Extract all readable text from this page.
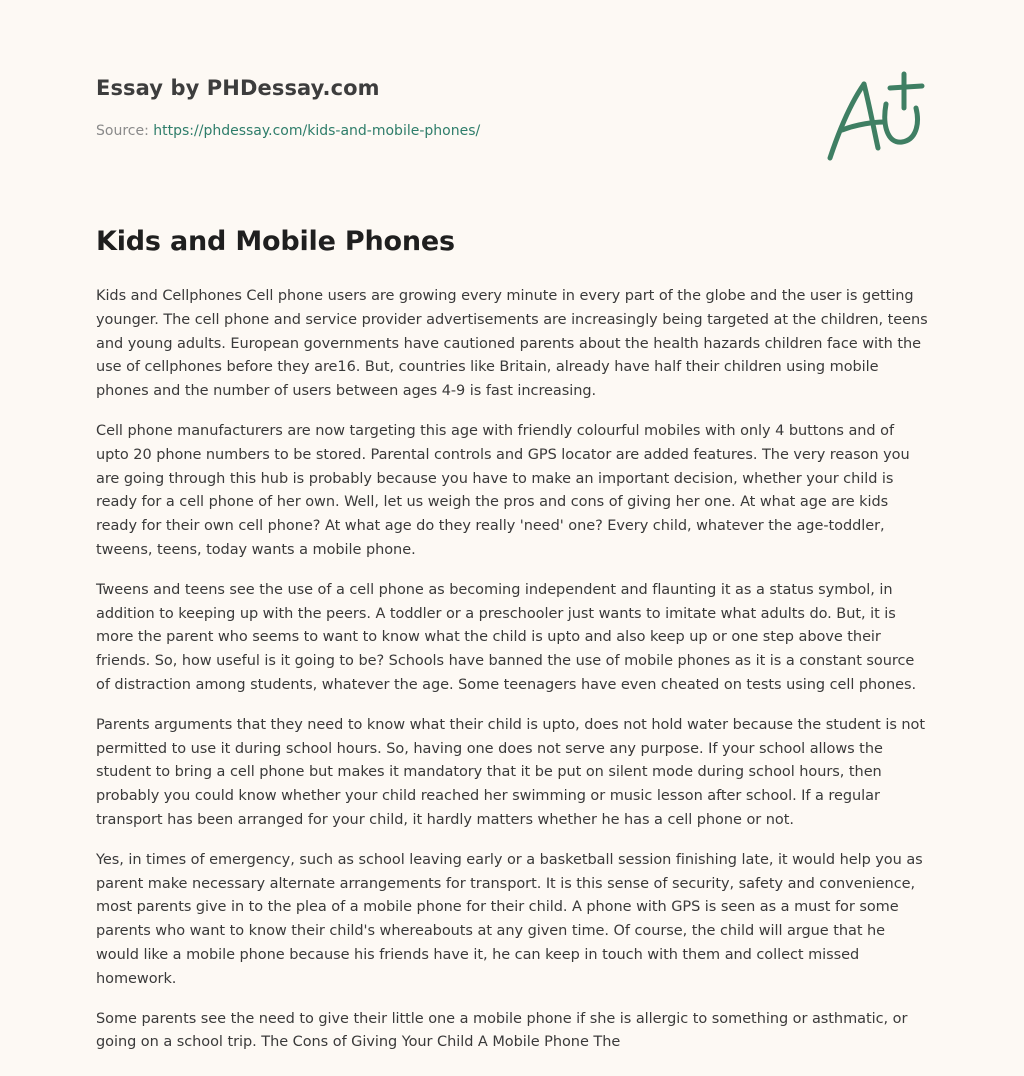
Essay by PHDessay.com

Source: https://phdessay.com/kids-and-mobile-phones/

Kids and Mobile Phones

Kids and Cellphones Cell phone users are growing every minute in every part of the globe and the user is getting younger. The cell phone and service provider advertisements are increasingly being targeted at the children, teens and young adults. European governments have cautioned parents about the health hazards children face with the use of cellphones before they are16. But, countries like Britain, already have half their children using mobile phones and the number of users between ages 4-9 is fast increasing.

Cell phone manufacturers are now targeting this age with friendly colourful mobiles with only 4 buttons and of upto 20 phone numbers to be stored. Parental controls and GPS locator are added features. The very reason you are going through this hub is probably because you have to make an important decision, whether your child is ready for a cell phone of her own. Well, let us weigh the pros and cons of giving her one. At what age are kids ready for their own cell phone? At what age do they really 'need' one? Every child, whatever the age-toddler, tweens, teens, today wants a mobile phone.

Tweens and teens see the use of a cell phone as becoming independent and flaunting it as a status symbol, in addition to keeping up with the peers. A toddler or a preschooler just wants to imitate what adults do. But, it is more the parent who seems to want to know what the child is upto and also keep up or one step above their friends. So, how useful is it going to be? Schools have banned the use of mobile phones as it is a constant source of distraction among students, whatever the age. Some teenagers have even cheated on tests using cell phones.

Parents arguments that they need to know what their child is upto, does not hold water because the student is not permitted to use it during school hours. So, having one does not serve any purpose. If your school allows the student to bring a cell phone but makes it mandatory that it be put on silent mode during school hours, then probably you could know whether your child reached her swimming or music lesson after school. If a regular transport has been arranged for your child, it hardly matters whether he has a cell phone or not.

Yes, in times of emergency, such as school leaving early or a basketball session finishing late, it would help you as parent make necessary alternate arrangements for transport. It is this sense of security, safety and convenience, most parents give in to the plea of a mobile phone for their child. A phone with GPS is seen as a must for some parents who want to know their child's whereabouts at any given time. Of course, the child will argue that he would like a mobile phone because his friends have it, he can keep in touch with them and collect missed homework.

Some parents see the need to give their little one a mobile phone if she is allergic to something or asthmatic, or going on a school trip. The Cons of Giving Your Child A Mobile Phone The
